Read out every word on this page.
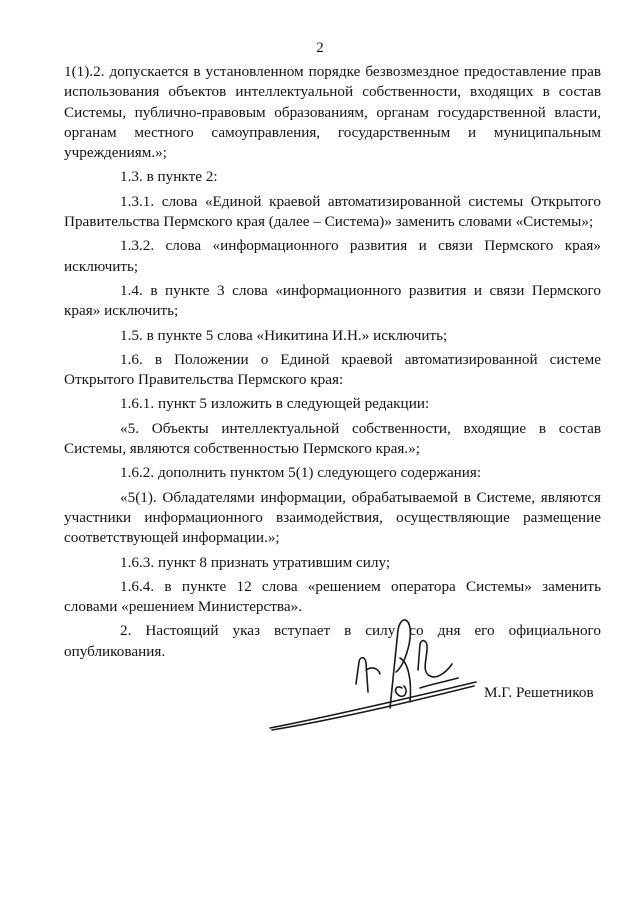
2

1(1).2. допускается в установленном порядке безвозмездное предоставление прав использования объектов интеллектуальной собственности, входящих в состав Системы, публично-правовым образованиям, органам государственной власти, органам местного самоуправления, государственным и муниципальным учреждениям.»;

1.3. в пункте 2:

1.3.1. слова «Единой краевой автоматизированной системы Открытого Правительства Пермского края (далее – Система)» заменить словами «Системы»;

1.3.2. слова «информационного развития и связи Пермского края» исключить;

1.4. в пункте 3 слова «информационного развития и связи Пермского края» исключить;

1.5. в пункте 5 слова «Никитина И.Н.» исключить;

1.6. в Положении о Единой краевой автоматизированной системе Открытого Правительства Пермского края:

1.6.1. пункт 5 изложить в следующей редакции:

«5. Объекты интеллектуальной собственности, входящие в состав Системы, являются собственностью Пермского края.»;

1.6.2. дополнить пунктом 5(1) следующего содержания:

«5(1). Обладателями информации, обрабатываемой в Системе, являются участники информационного взаимодействия, осуществляющие размещение соответствующей информации.»;

1.6.3. пункт 8 признать утратившим силу;

1.6.4. в пункте 12 слова «решением оператора Системы» заменить словами «решением Министерства».

2. Настоящий указ вступает в силу со дня его официального опубликования.

М.Г. Решетников
